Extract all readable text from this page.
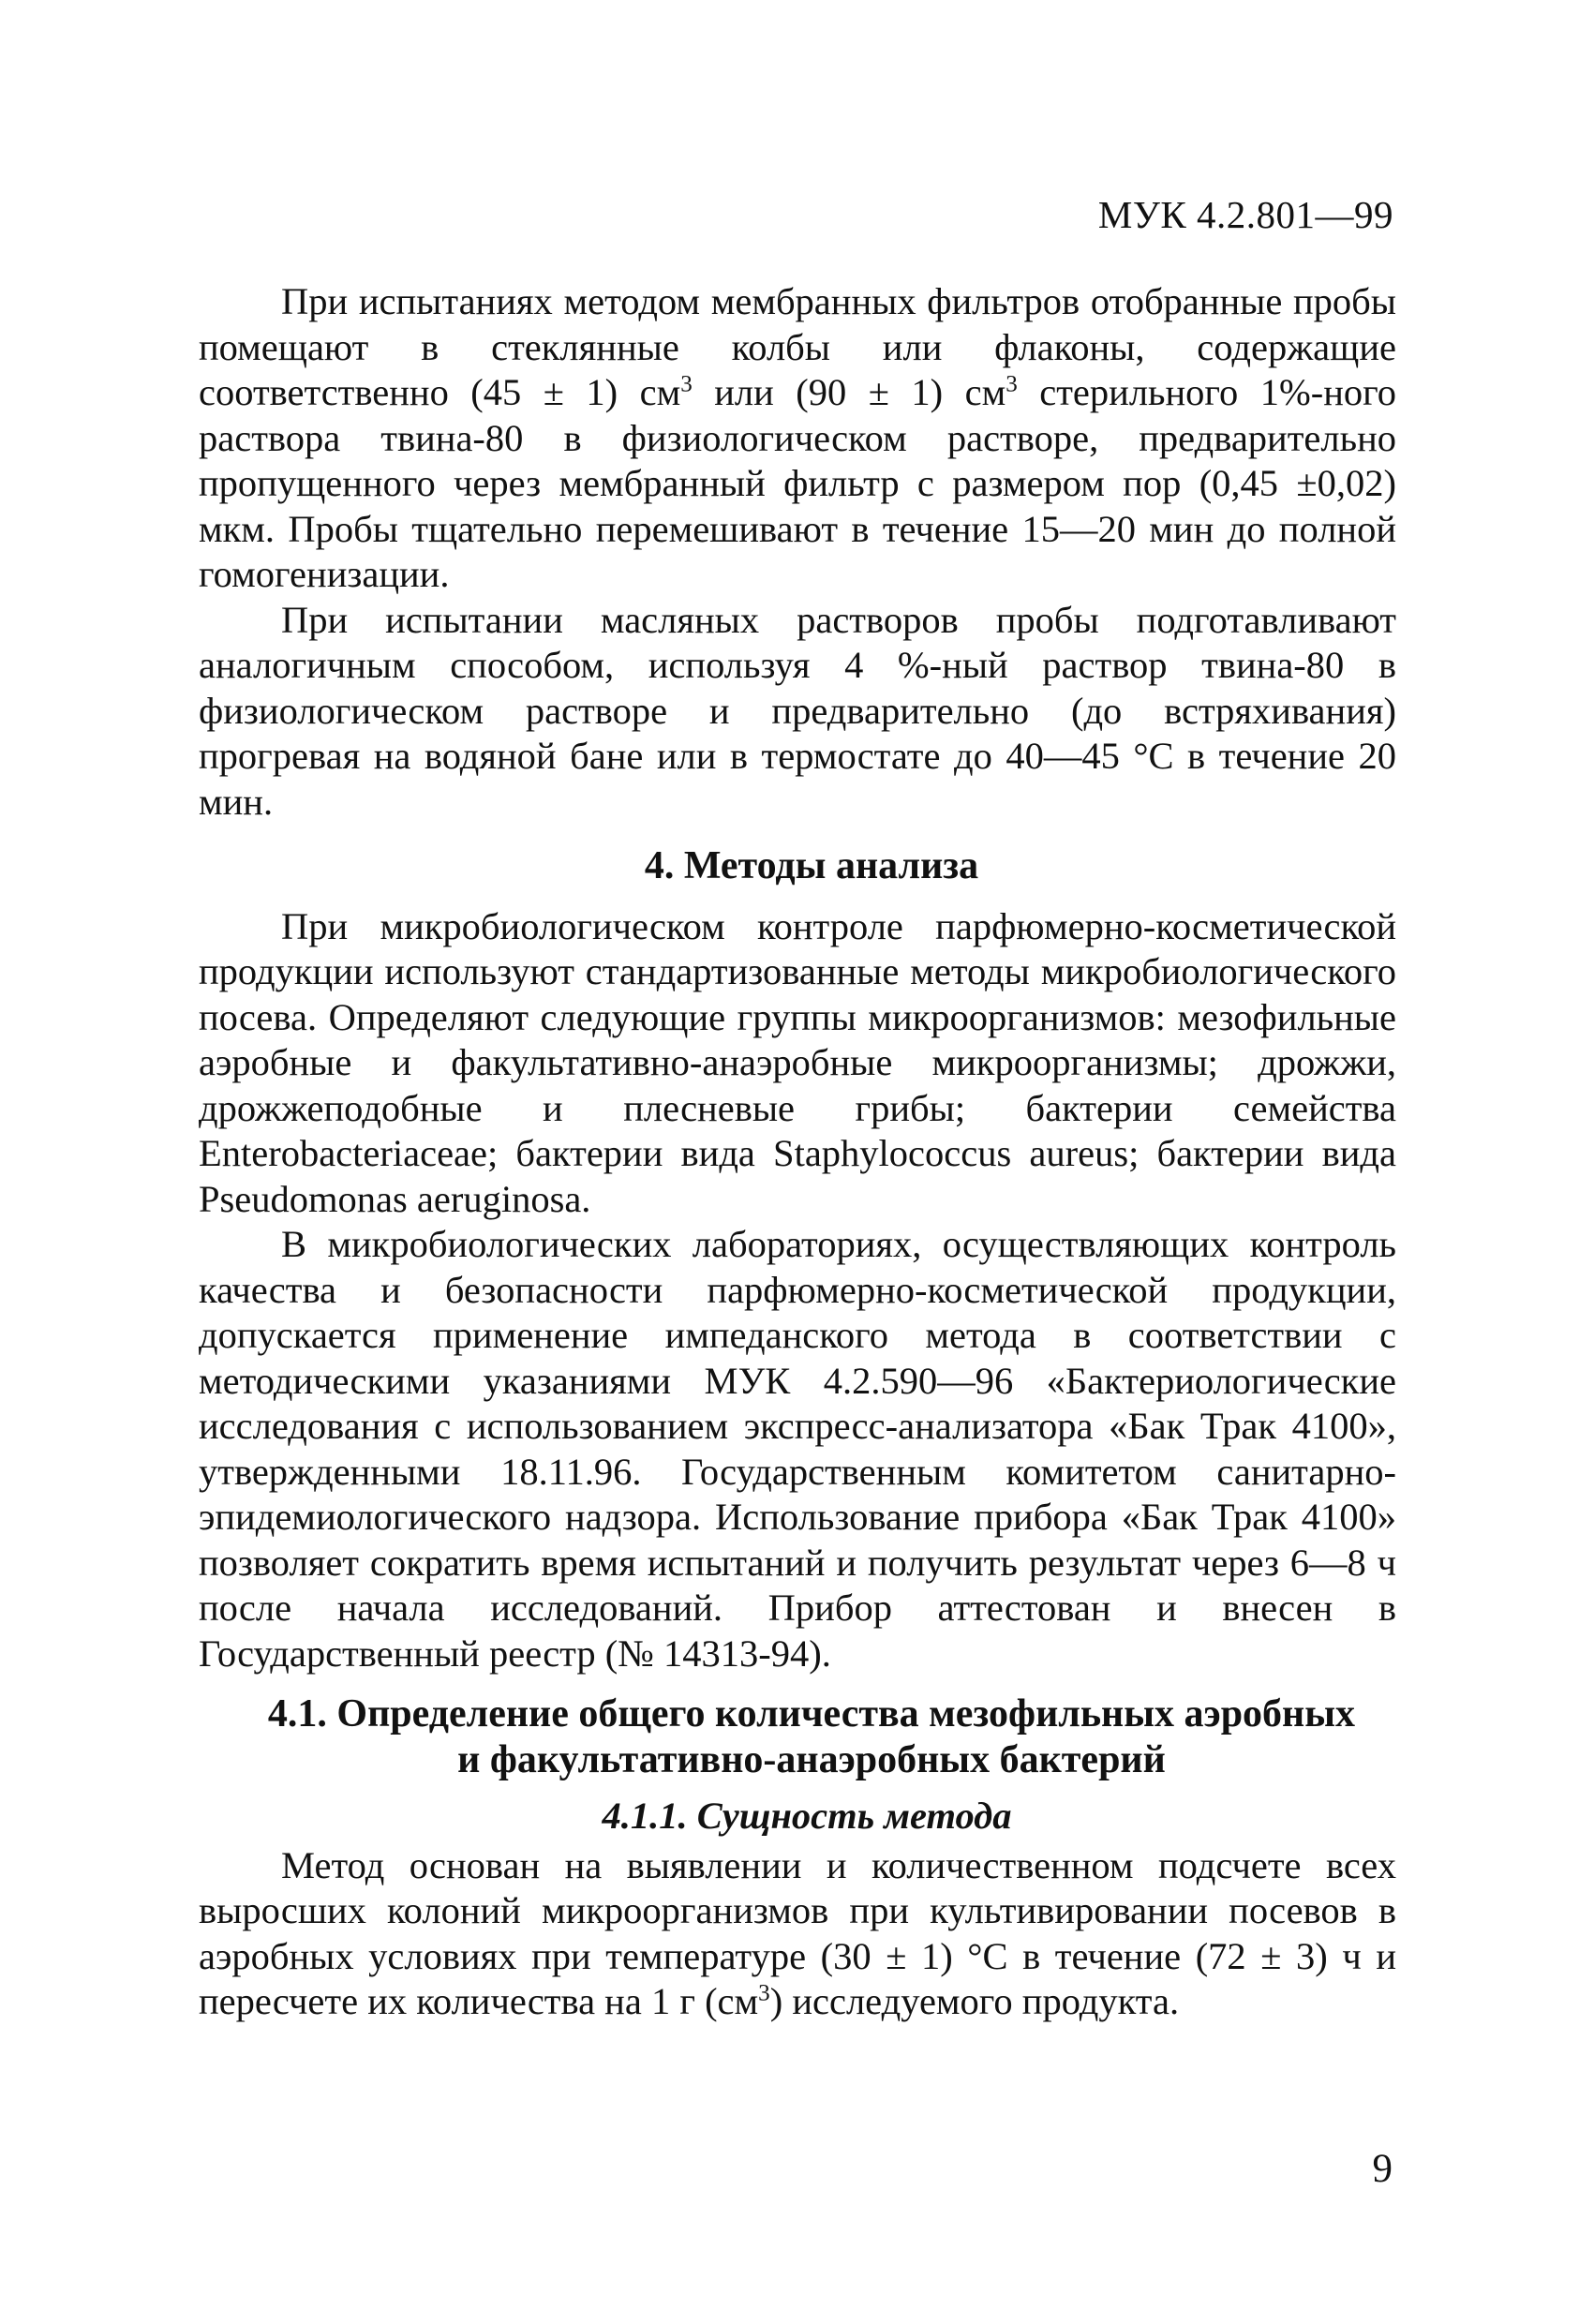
МУК 4.2.801—99

При испытаниях методом мембранных фильтров отобранные пробы помещают в стеклянные колбы или флаконы, содержащие соответственно (45 ± 1) $см^3$ или (90 ± 1) $см^3$ стерильного 1%-ного раствора твина-80 в физиологическом растворе, предварительно пропущенного через мембранный фильтр с размером пор (0,45 ±0,02) мкм. Пробы тщательно перемешивают в течение 15—20 мин до полной гомогенизации.

При испытании масляных растворов пробы подготавливают аналогичным способом, используя 4 %-ный раствор твина-80 в физиологическом растворе и предварительно (до встряхивания) прогревая на водяной бане или в термостате до 40—45 °С в течение 20 мин.

4. Методы анализа

При микробиологическом контроле парфюмерно-косметической продукции используют стандартизованные методы микробиологического посева. Определяют следующие группы микроорганизмов: мезофильные аэробные и факультативно-анаэробные микроорганизмы; дрожжи, дрожжеподобные и плесневые грибы; бактерии семейства Enterobacteriaceae; бактерии вида Staphylococcus aureus; бактерии вида Pseudomonas aeruginosa.

В микробиологических лабораториях, осуществляющих контроль качества и безопасности парфюмерно-косметической продукции, допускается применение импеданского метода в соответствии с методическими указаниями МУК 4.2.590—96 «Бактериологические исследования с использованием экспресс-анализатора «Бак Трак 4100», утвержденными 18.11.96. Государственным комитетом санитарно-эпидемиологического надзора. Использование прибора «Бак Трак 4100» позволяет сократить время испытаний и получить результат через 6—8 ч после начала исследований. Прибор аттестован и внесен в Государственный реестр (№ 14313-94).

4.1. Определение общего количества мезофильных аэробных
и факультативно-анаэробных бактерий
4.1.1. Сущность метода

Метод основан на выявлении и количественном подсчете всех выросших колоний микроорганизмов при культивировании посевов в аэробных условиях при температуре (30 ± 1) °С в течение (72 ± 3) ч и пересчете их количества на 1 г $(см^3)$ исследуемого продукта.

9
